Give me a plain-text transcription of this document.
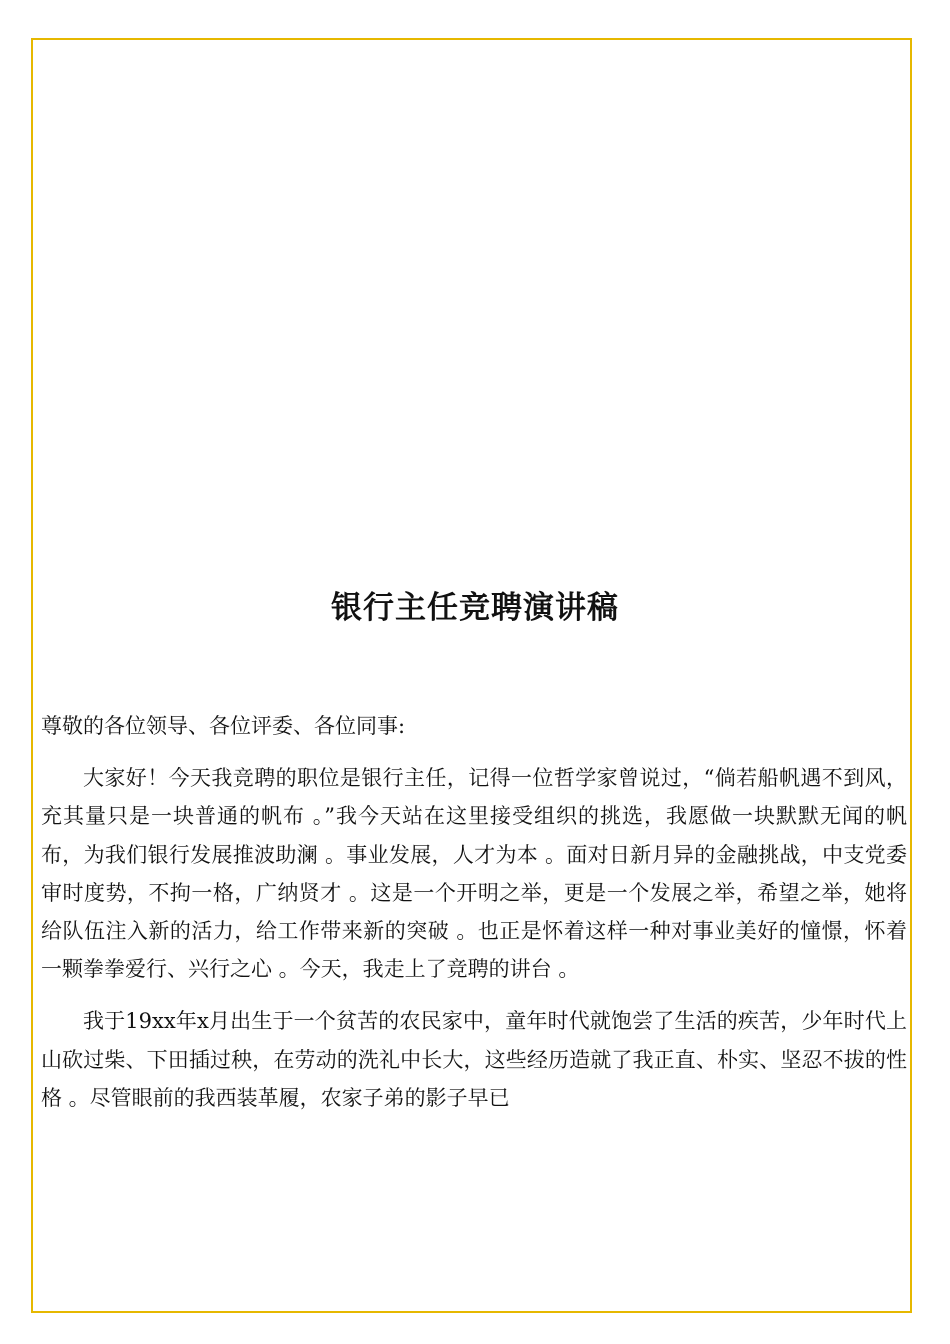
银行主任竞聘演讲稿

尊敬的各位领导、各位评委、各位同事:

大家好！今天我竞聘的职位是银行主任，记得一位哲学家曾说过，“倘若船帆遇不到风，充其量只是一块普通的帆布 。”我今天站在这里接受组织的挑选，我愿做一块默默无闻的帆布，为我们银行发展推波助澜 。事业发展，人才为本 。面对日新月异的金融挑战，中支党委审时度势，不拘一格，广纳贤才 。这是一个开明之举，更是一个发展之举，希望之举，她将给队伍注入新的活力，给工作带来新的突破 。也正是怀着这样一种对事业美好的憧憬，怀着一颗拳拳爱行、兴行之心 。今天，我走上了竞聘的讲台 。

我于19xx年x月出生于一个贫苦的农民家中，童年时代就饱尝了生活的疾苦，少年时代上山砍过柴、下田插过秧，在劳动的洗礼中长大，这些经历造就了我正直、朴实、坚忍不拔的性格 。尽管眼前的我西装革履，农家子弟的影子早已
